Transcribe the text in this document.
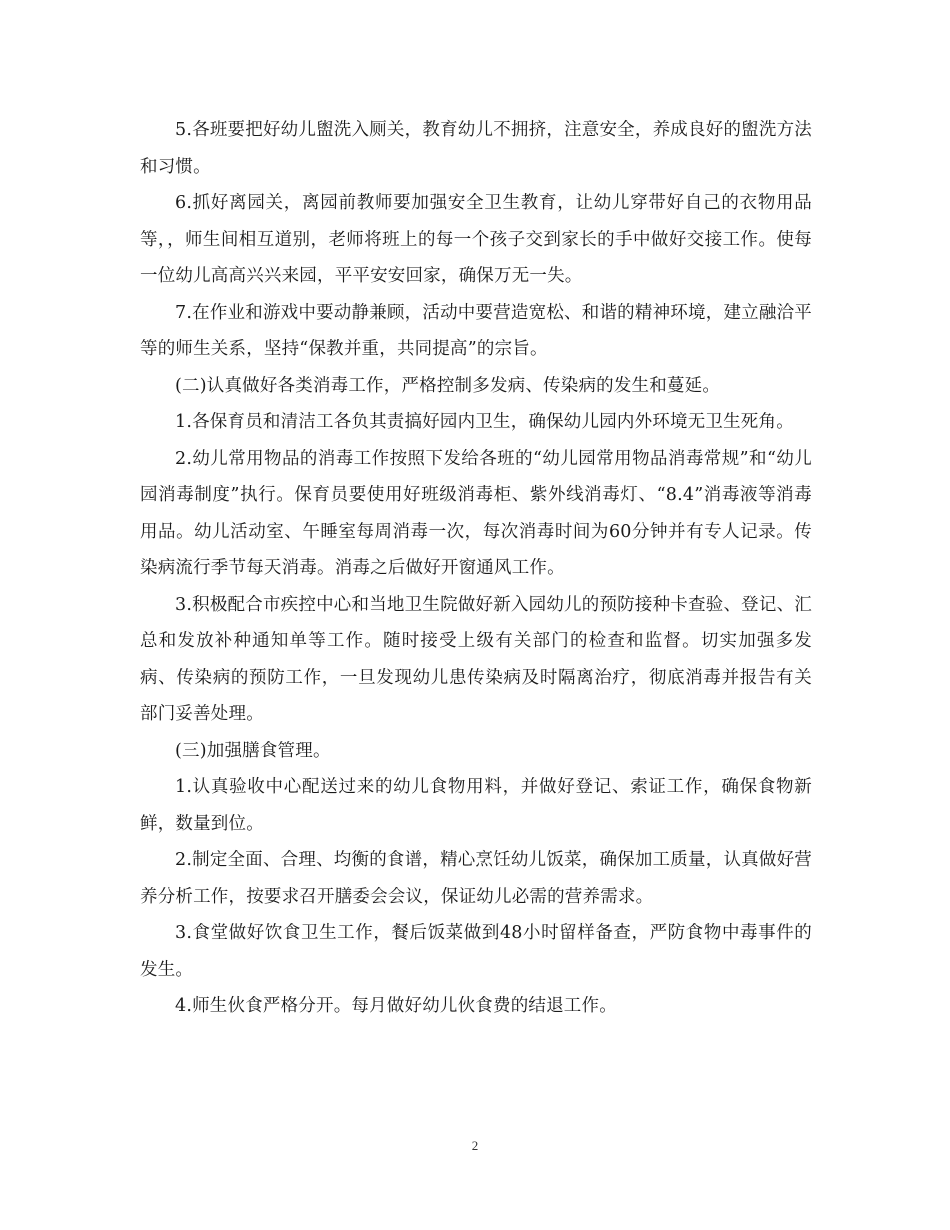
5.各班要把好幼儿盥洗入厕关，教育幼儿不拥挤，注意安全，养成良好的盥洗方法和习惯。

6.抓好离园关，离园前教师要加强安全卫生教育，让幼儿穿带好自己的衣物用品等，，师生间相互道别，老师将班上的每一个孩子交到家长的手中做好交接工作。使每一位幼儿高高兴兴来园，平平安安回家，确保万无一失。

7.在作业和游戏中要动静兼顾，活动中要营造宽松、和谐的精神环境，建立融洽平等的师生关系，坚持“保教并重，共同提高”的宗旨。

(二)认真做好各类消毒工作，严格控制多发病、传染病的发生和蔓延。

1.各保育员和清洁工各负其责搞好园内卫生，确保幼儿园内外环境无卫生死角。

2.幼儿常用物品的消毒工作按照下发给各班的“幼儿园常用物品消毒常规”和“幼儿园消毒制度”执行。保育员要使用好班级消毒柜、紫外线消毒灯、“8.4”消毒液等消毒用品。幼儿活动室、午睡室每周消毒一次，每次消毒时间为60分钟并有专人记录。传染病流行季节每天消毒。消毒之后做好开窗通风工作。

3.积极配合市疾控中心和当地卫生院做好新入园幼儿的预防接种卡查验、登记、汇总和发放补种通知单等工作。随时接受上级有关部门的检查和监督。切实加强多发病、传染病的预防工作，一旦发现幼儿患传染病及时隔离治疗，彻底消毒并报告有关部门妥善处理。

(三)加强膳食管理。

1.认真验收中心配送过来的幼儿食物用料，并做好登记、索证工作，确保食物新鲜，数量到位。

2.制定全面、合理、均衡的食谱，精心烹饪幼儿饭菜，确保加工质量，认真做好营养分析工作，按要求召开膳委会会议，保证幼儿必需的营养需求。

3.食堂做好饮食卫生工作，餐后饭菜做到48小时留样备查，严防食物中毒事件的发生。

4.师生伙食严格分开。每月做好幼儿伙食费的结退工作。

2
